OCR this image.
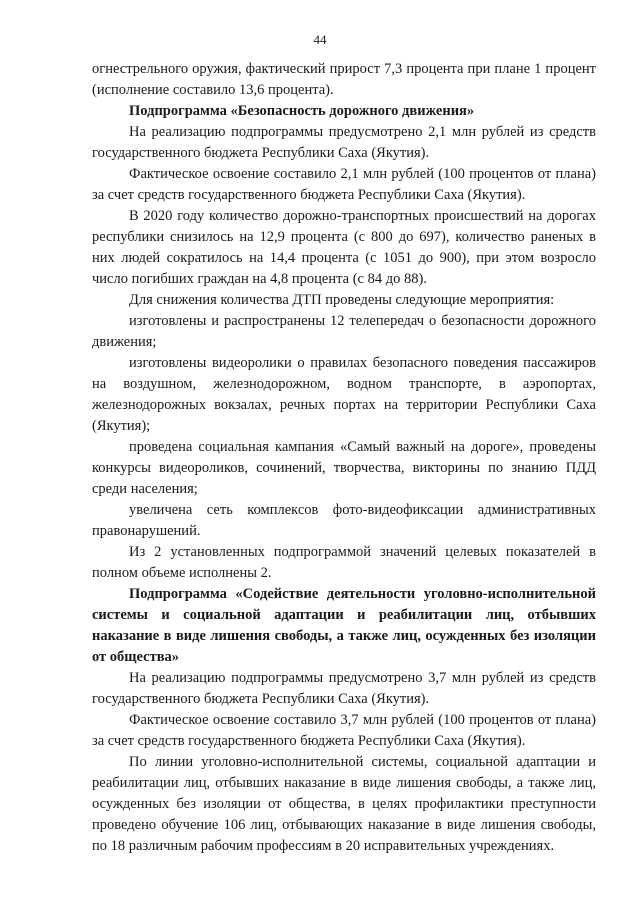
44

огнестрельного оружия, фактический прирост 7,3 процента при плане 1 процент (исполнение составило 13,6 процента).

Подпрограмма «Безопасность дорожного движения»

На реализацию подпрограммы предусмотрено 2,1 млн рублей из средств государственного бюджета Республики Саха (Якутия).

Фактическое освоение составило 2,1 млн рублей (100 процентов от плана) за счет средств государственного бюджета Республики Саха (Якутия).

В 2020 году количество дорожно-транспортных происшествий на дорогах республики снизилось на 12,9 процента (с 800 до 697), количество раненых в них людей сократилось на 14,4 процента (с 1051 до 900), при этом возросло число погибших граждан на 4,8 процента (с 84 до 88).

Для снижения количества ДТП проведены следующие мероприятия:

изготовлены и распространены 12 телепередач о безопасности дорожного движения;

изготовлены видеоролики о правилах безопасного поведения пассажиров на воздушном, железнодорожном, водном транспорте, в аэропортах, железнодорожных вокзалах, речных портах на территории Республики Саха (Якутия);

проведена социальная кампания «Самый важный на дороге», проведены конкурсы видеороликов, сочинений, творчества, викторины по знанию ПДД среди населения;

увеличена сеть комплексов фото-видеофиксации административных правонарушений.

Из 2 установленных подпрограммой значений целевых показателей в полном объеме исполнены 2.

Подпрограмма «Содействие деятельности уголовно-исполнительной системы и социальной адаптации и реабилитации лиц, отбывших наказание в виде лишения свободы, а также лиц, осужденных без изоляции от общества»

На реализацию подпрограммы предусмотрено 3,7 млн рублей из средств государственного бюджета Республики Саха (Якутия).

Фактическое освоение составило 3,7 млн рублей (100 процентов от плана) за счет средств государственного бюджета Республики Саха (Якутия).

По линии уголовно-исполнительной системы, социальной адаптации и реабилитации лиц, отбывших наказание в виде лишения свободы, а также лиц, осужденных без изоляции от общества, в целях профилактики преступности проведено обучение 106 лиц, отбывающих наказание в виде лишения свободы, по 18 различным рабочим профессиям в 20 исправительных учреждениях.
